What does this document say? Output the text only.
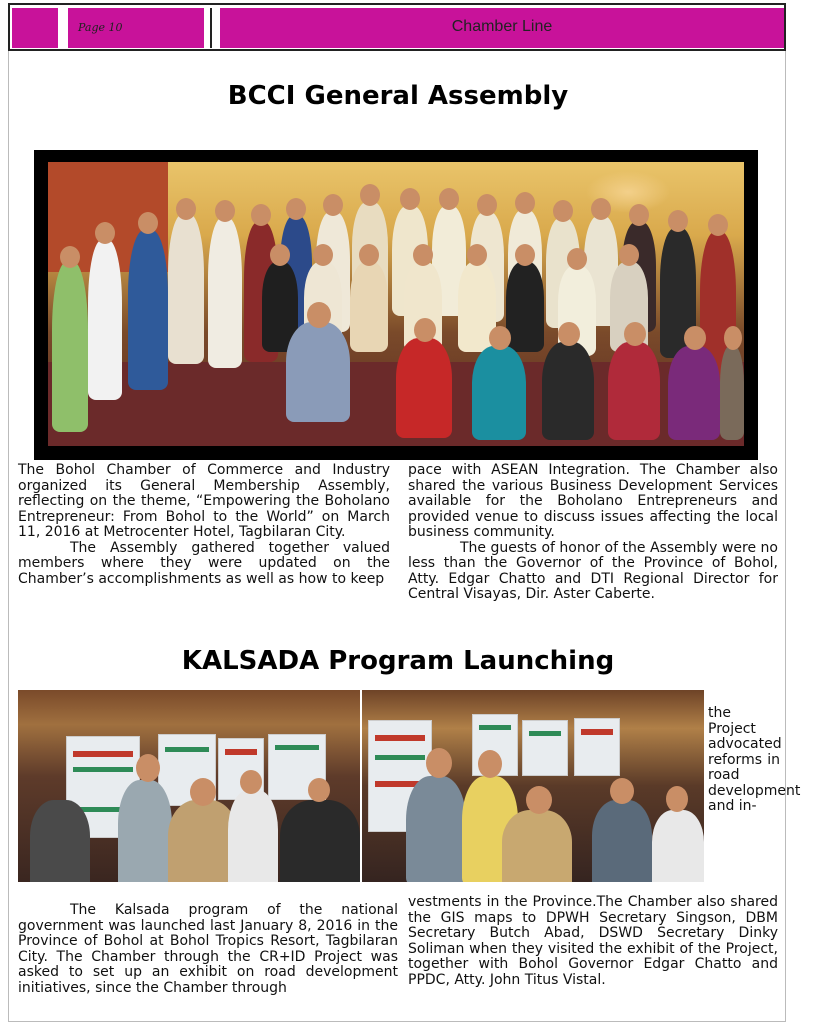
Page 10	Chamber Line
BCCI General Assembly

The Bohol Chamber of Commerce and Industry organized its General Membership Assembly, reflecting on the theme, “Empowering the Boholano Entrepreneur: From Bohol to the World” on March 11, 2016 at Metrocenter Hotel, Tagbilaran City.

The Assembly gathered together valued members where they were updated on the Chamber’s accomplishments as well as how to keep

pace with ASEAN Integration. The Chamber also shared the various Business Development Services available for the Boholano Entrepreneurs and provided venue to discuss issues affecting the local business community.

The guests of honor of the Assembly were no less than the Governor of the Province of Bohol, Atty. Edgar Chatto and DTI Regional Director for Central Visayas, Dir. Aster Caberte.

KALSADA Program Launching
the Project advocated reforms in road development and in-

The Kalsada program of the national government was launched last January 8, 2016 in the Province of Bohol at Bohol Tropics Resort, Tagbilaran City. The Chamber through the CR+ID Project was asked to set up an exhibit on road development initiatives, since the Chamber through

vestments in the Province.The Chamber also shared the GIS maps to DPWH Secretary Singson, DBM Secretary Butch Abad, DSWD Secretary Dinky Soliman when they visited the exhibit of the Project, together with Bohol Governor Edgar Chatto and PPDC, Atty. John Titus Vistal.
